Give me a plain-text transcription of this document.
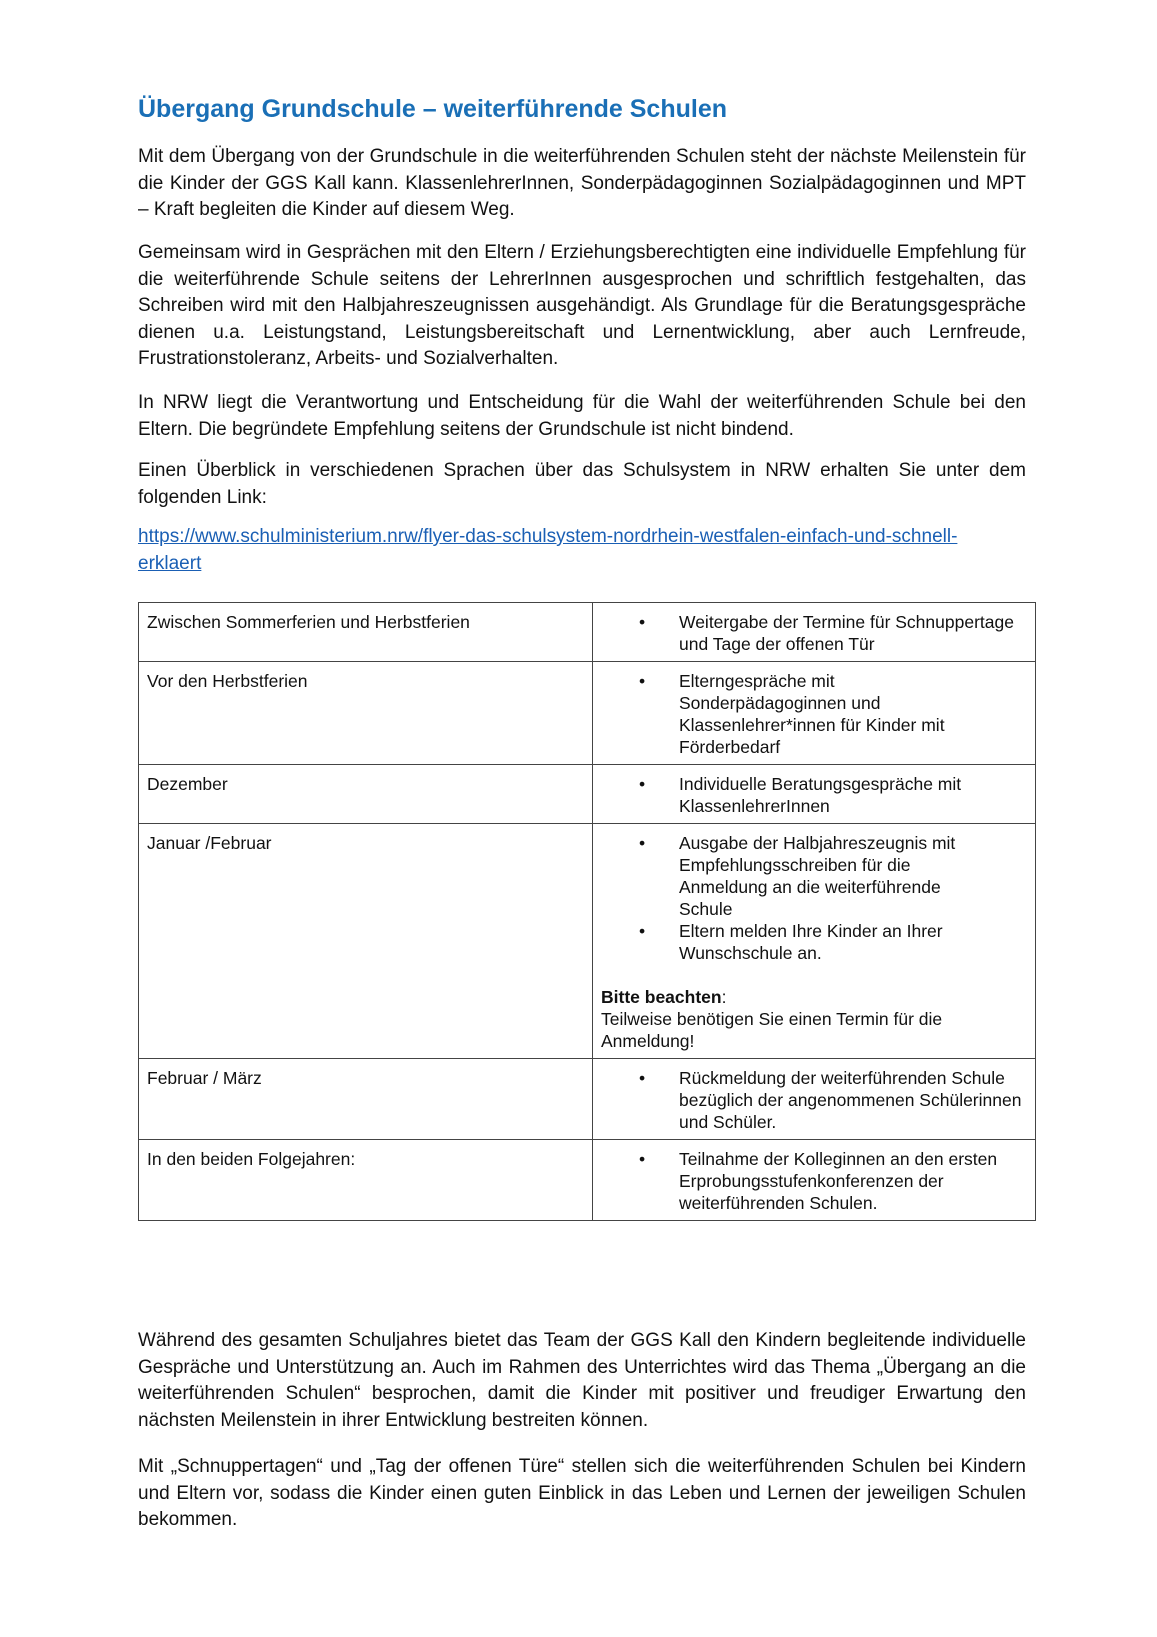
Übergang Grundschule – weiterführende Schulen

Mit dem Übergang von der Grundschule in die weiterführenden Schulen steht der nächste Meilenstein für die Kinder der GGS Kall kann. KlassenlehrerInnen, Sonderpädagoginnen Sozialpädagoginnen und MPT – Kraft begleiten die Kinder auf diesem Weg.

Gemeinsam wird in Gesprächen mit den Eltern / Erziehungsberechtigten eine individuelle Empfehlung für die weiterführende Schule seitens der LehrerInnen ausgesprochen und schriftlich festgehalten, das Schreiben wird mit den Halbjahreszeugnissen ausgehändigt. Als Grundlage für die Beratungsgespräche dienen u.a. Leistungstand, Leistungsbereitschaft und Lernentwicklung, aber auch Lernfreude, Frustrationstoleranz, Arbeits- und Sozialverhalten.

In NRW liegt die Verantwortung und Entscheidung für die Wahl der weiterführenden Schule bei den Eltern. Die begründete Empfehlung seitens der Grundschule ist nicht bindend.

Einen Überblick in verschiedenen Sprachen über das Schulsystem in NRW erhalten Sie unter dem folgenden Link:

https://www.schulministerium.nrw/flyer-das-schulsystem-nordrhein-westfalen-einfach-und-schnell-erklaert
Zwischen Sommerferien und Herbstferien	• Weitergabe der Termine für Schnuppertage und Tage der offenen Tür

Vor den Herbstferien	• Elterngespräche mit Sonderpädagoginnen und Klassenlehrer*innen für Kinder mit Förderbedarf

Dezember	• Individuelle Beratungsgespräche mit KlassenlehrerInnen

Januar /Februar	• Ausgabe der Halbjahreszeugnis mit Empfehlungsschreiben für die Anmeldung an die weiterführende Schule
• Eltern melden Ihre Kinder an Ihrer Wunschschule an.
Bitte beachten:
Teilweise benötigen Sie einen Termin für die Anmeldung!

Februar / März	• Rückmeldung der weiterführenden Schule bezüglich der angenommenen Schülerinnen und Schüler.

In den beiden Folgejahren:	• Teilnahme der Kolleginnen an den ersten Erprobungsstufenkonferenzen der weiterführenden Schulen.

Während des gesamten Schuljahres bietet das Team der GGS Kall den Kindern begleitende individuelle Gespräche und Unterstützung an. Auch im Rahmen des Unterrichtes wird das Thema „Übergang an die weiterführenden Schulen“ besprochen, damit die Kinder mit positiver und freudiger Erwartung den nächsten Meilenstein in ihrer Entwicklung bestreiten können.

Mit „Schnuppertagen“ und „Tag der offenen Türe“ stellen sich die weiterführenden Schulen bei Kindern und Eltern vor, sodass die Kinder einen guten Einblick in das Leben und Lernen der jeweiligen Schulen bekommen.
